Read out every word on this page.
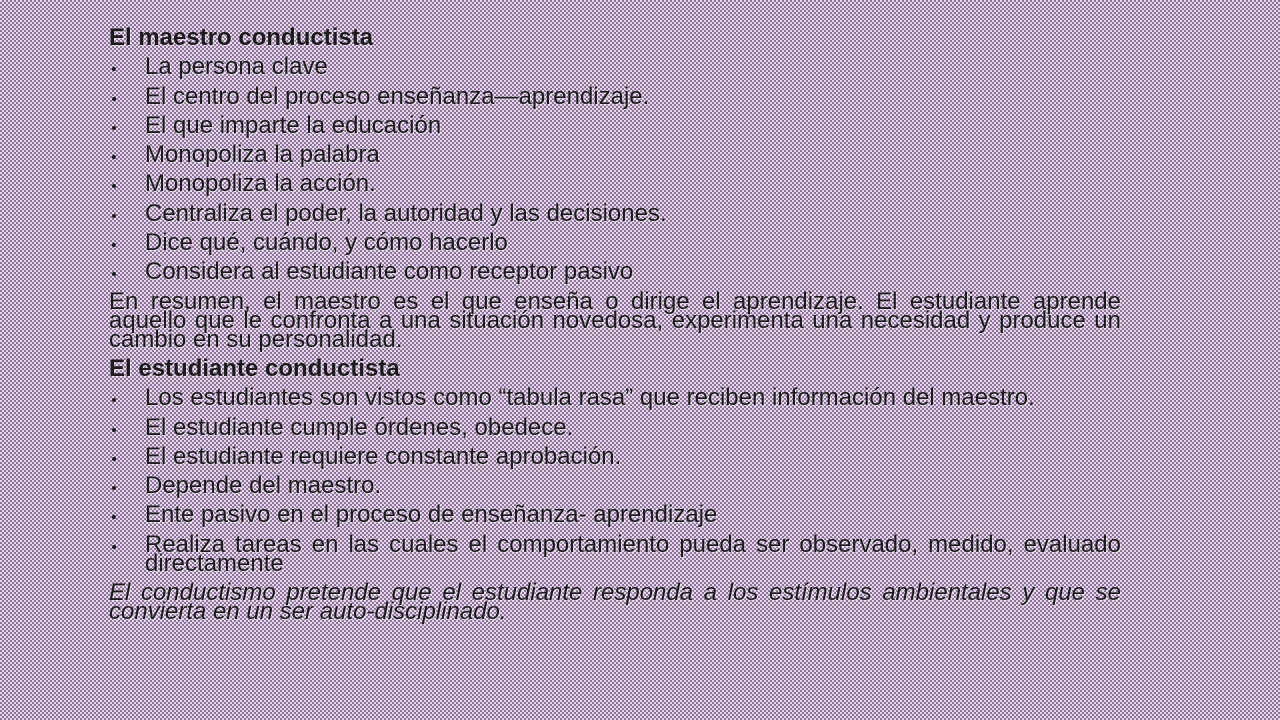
El maestro conductista
La persona clave
El centro del proceso enseñanza—aprendizaje.
El que imparte la educación
Monopoliza la palabra
Monopoliza la acción.
Centraliza el poder, la autoridad y las decisiones.
Dice qué, cuándo, y cómo hacerlo
Considera al estudiante como receptor pasivo
En resumen, el maestro es el que enseña o dirige el aprendizaje. El estudiante aprende aquello que le confronta a una situación novedosa, experimenta una necesidad y produce un cambio en su personalidad.
El estudiante conductista
Los estudiantes son vistos como “tabula rasa” que reciben información del maestro.
El estudiante cumple órdenes, obedece.
El estudiante requiere constante aprobación.
Depende del maestro.
Ente pasivo en el proceso de enseñanza- aprendizaje
Realiza tareas en las cuales el comportamiento pueda ser observado, medido, evaluado directamente
El conductismo pretende que el estudiante responda a los estímulos ambientales y que se convierta en un ser auto-disciplinado.
